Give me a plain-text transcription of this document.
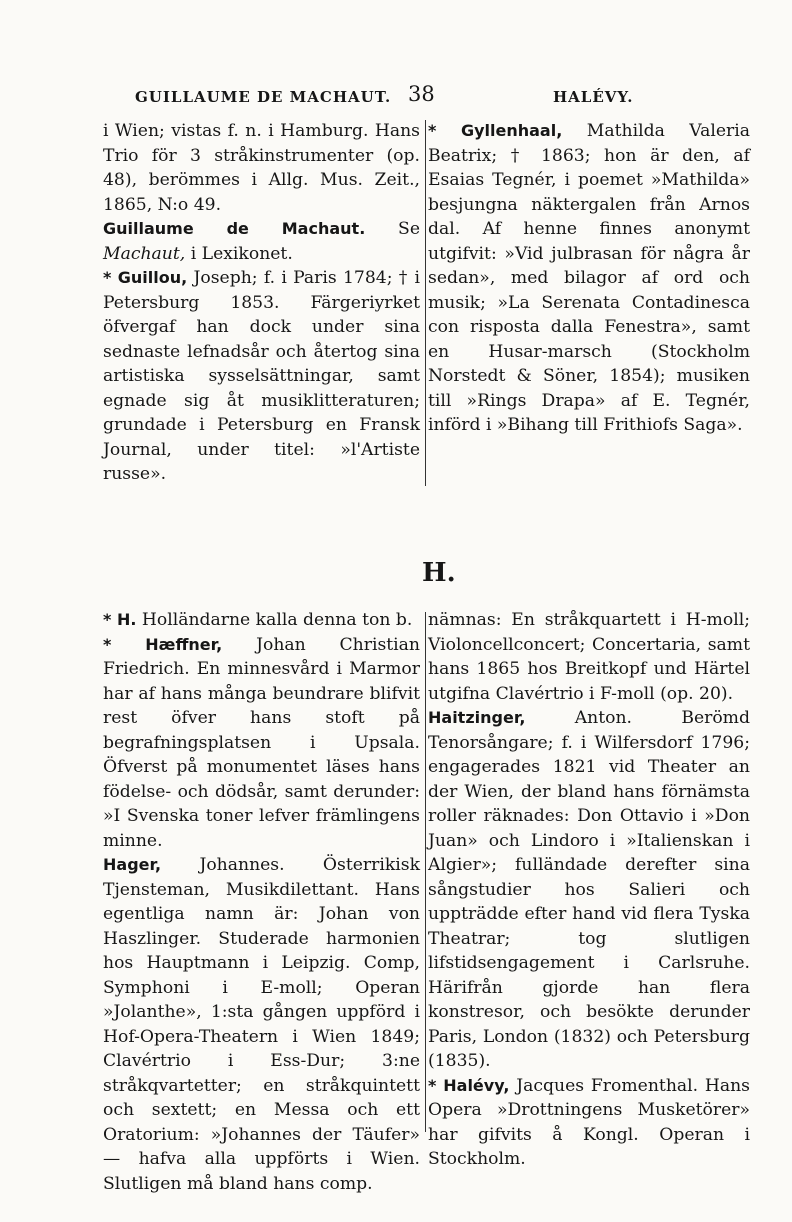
GUILLAUME DE MACHAUT. 38	HALÉVY.

i Wien; vistas f. n. i Hamburg. Hans Trio för 3 stråkinstrumenter (op. 48), berömmes i Allg. Mus. Zeit., 1865, N:o 49.

Guillaume de Machaut. Se Machaut, i Lexikonet.

* Guillou, Joseph; f. i Paris 1784; † i Petersburg 1853. Färgeriyrket öfvergaf han dock under sina sednaste lefnadsår och återtog sina artistiska sysselsättningar, samt egnade sig åt musiklitteraturen; grundade i Petersburg en Fransk Journal, under titel: »l'Artiste russe».

* Gyllenhaal, Mathilda Valeria Beatrix; † 1863; hon är den, af Esaias Tegnér, i poemet »Mathilda» besjungna näktergalen från Arnos dal. Af henne finnes anonymt utgifvit: »Vid julbrasan för några år sedan», med bilagor af ord och musik; »La Serenata Contadinesca con risposta dalla Fenestra», samt en Husar-marsch (Stockholm Norstedt & Söner, 1854); musiken till »Rings Drapa» af E. Tegnér, införd i »Bihang till Frithiofs Saga».

H.

* H. Holländarne kalla denna ton b.

* Hæffner, Johan Christian Friedrich. En minnesvård i Marmor har af hans många beundrare blifvit rest öfver hans stoft på begrafningsplatsen i Upsala. Öfverst på monumentet läses hans födelse- och dödsår, samt derunder: »I Svenska toner lefver främlingens minne.

Hager, Johannes. Österrikisk Tjensteman, Musikdilettant. Hans egentliga namn är: Johan von Haszlinger. Studerade harmonien hos Hauptmann i Leipzig. Comp, Symphoni i E-moll; Operan »Jolanthe», 1:sta gången uppförd i Hof-Opera-Theatern i Wien 1849; Clavértrio i Ess-Dur; 3:ne stråkqvartetter; en stråkquintett och sextett; en Messa och ett Oratorium: »Johannes der Täufer» — hafva alla uppförts i Wien. Slutligen må bland hans comp.

nämnas: En stråkquartett i H-moll; Violoncellconcert; Concertaria, samt hans 1865 hos Breitkopf und Härtel utgifna Clavértrio i F-moll (op. 20).

Haitzinger, Anton. Berömd Tenorsångare; f. i Wilfersdorf 1796; engagerades 1821 vid Theater an der Wien, der bland hans förnämsta roller räknades: Don Ottavio i »Don Juan» och Lindoro i »Italienskan i Algier»; fulländade derefter sina sångstudier hos Salieri och uppträdde efter hand vid flera Tyska Theatrar; tog slutligen lifstidsengagement i Carlsruhe. Härifrån gjorde han flera konstresor, och besökte derunder Paris, London (1832) och Petersburg (1835).

* Halévy, Jacques Fromenthal. Hans Opera »Drottningens Musketörer» har gifvits å Kongl. Operan i Stockholm.
